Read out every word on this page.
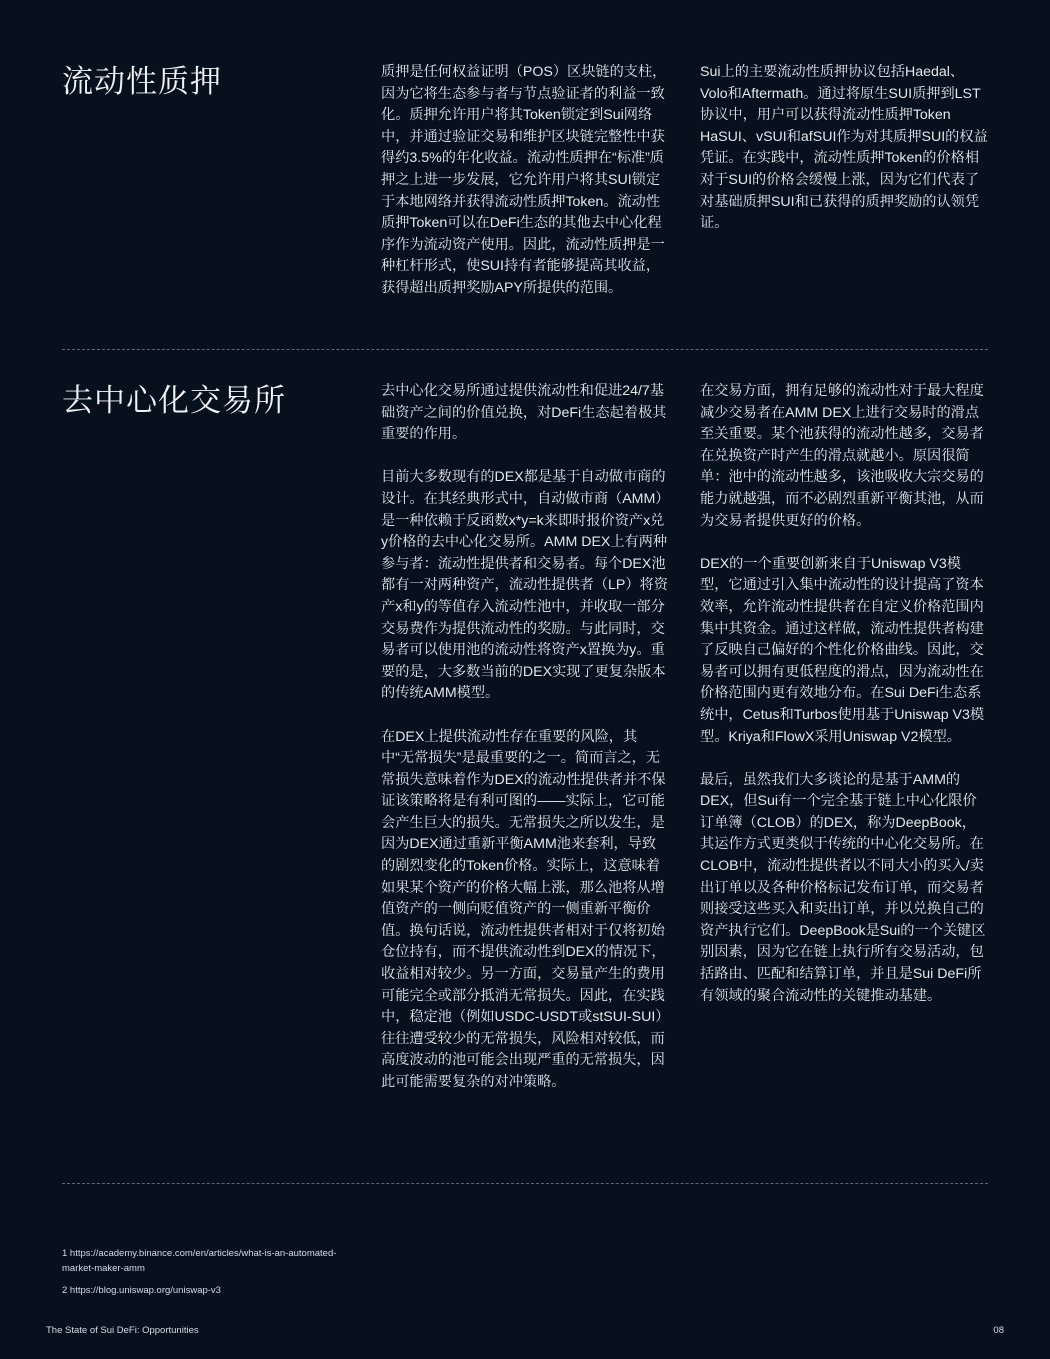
流动性质押	质押是任何权益证明（POS）区块链的支柱，因为它将生态参与者与节点验证者的利益一致化。质押允许用户将其Token锁定到Sui网络中，并通过验证交易和维护区块链完整性中获得约3.5%的年化收益。流动性质押在“标准”质押之上进一步发展，它允许用户将其SUI锁定于本地网络并获得流动性质押Token。流动性质押Token可以在DeFi生态的其他去中心化程序作为流动资产使用。因此，流动性质押是一种杠杆形式，使SUI持有者能够提高其收益，获得超出质押奖励APY所提供的范围。

Sui上的主要流动性质押协议包括Haedal、Volo和Aftermath。通过将原生SUI质押到LST协议中，用户可以获得流动性质押Token HaSUI、vSUI和afSUI作为对其质押SUI的权益凭证。在实践中，流动性质押Token的价格相对于SUI的价格会缓慢上涨，因为它们代表了对基础质押SUI和已获得的质押奖励的认领凭证。

去中心化交易所	去中心化交易所通过提供流动性和促进24/7基础资产之间的价值兑换，对DeFi生态起着极其重要的作用。

目前大多数现有的DEX都是基于自动做市商的设计。在其经典形式中，自动做市商（AMM）是一种依赖于反函数x*y=k来即时报价资产x兑y价格的去中心化交易所。AMM DEX上有两种参与者：流动性提供者和交易者。每个DEX池都有一对两种资产，流动性提供者（LP）将资产x和y的等值存入流动性池中，并收取一部分交易费作为提供流动性的奖励。与此同时，交易者可以使用池的流动性将资产x置换为y。重要的是，大多数当前的DEX实现了更复杂版本的传统AMM模型。

在DEX上提供流动性存在重要的风险，其中“无常损失”是最重要的之一。简而言之，无常损失意味着作为DEX的流动性提供者并不保证该策略将是有利可图的——实际上，它可能会产生巨大的损失。无常损失之所以发生，是因为DEX通过重新平衡AMM池来套利，导致的剧烈变化的Token价格。实际上，这意味着如果某个资产的价格大幅上涨，那么池将从增值资产的一侧向贬值资产的一侧重新平衡价值。换句话说，流动性提供者相对于仅将初始仓位持有，而不提供流动性到DEX的情况下，收益相对较少。另一方面，交易量产生的费用可能完全或部分抵消无常损失。因此，在实践中，稳定池（例如USDC-USDT或stSUI-SUI）往往遭受较少的无常损失，风险相对较低，而高度波动的池可能会出现严重的无常损失，因此可能需要复杂的对冲策略。

在交易方面，拥有足够的流动性对于最大程度减少交易者在AMM DEX上进行交易时的滑点至关重要。某个池获得的流动性越多，交易者在兑换资产时产生的滑点就越小。原因很简单：池中的流动性越多，该池吸收大宗交易的能力就越强，而不必剧烈重新平衡其池，从而为交易者提供更好的价格。

DEX的一个重要创新来自于Uniswap V3模型，它通过引入集中流动性的设计提高了资本效率，允许流动性提供者在自定义价格范围内集中其资金。通过这样做，流动性提供者构建了反映自己偏好的个性化价格曲线。因此，交易者可以拥有更低程度的滑点，因为流动性在价格范围内更有效地分布。在Sui DeFi生态系统中，Cetus和Turbos使用基于Uniswap V3模型。Kriya和FlowX采用Uniswap V2模型。

最后，虽然我们大多谈论的是基于AMM的DEX，但Sui有一个完全基于链上中心化限价订单簿（CLOB）的DEX，称为DeepBook，其运作方式更类似于传统的中心化交易所。在CLOB中，流动性提供者以不同大小的买入/卖出订单以及各种价格标记发布订单，而交易者则接受这些买入和卖出订单，并以兑换自己的资产执行它们。DeepBook是Sui的一个关键区别因素，因为它在链上执行所有交易活动，包括路由、匹配和结算订单，并且是Sui DeFi所有领域的聚合流动性的关键推动基建。

1 https://academy.binance.com/en/articles/what-is-an-automated-market-maker-amm

2 https://blog.uniswap.org/uniswap-v3

The State of Sui DeFi: Opportunities	08
